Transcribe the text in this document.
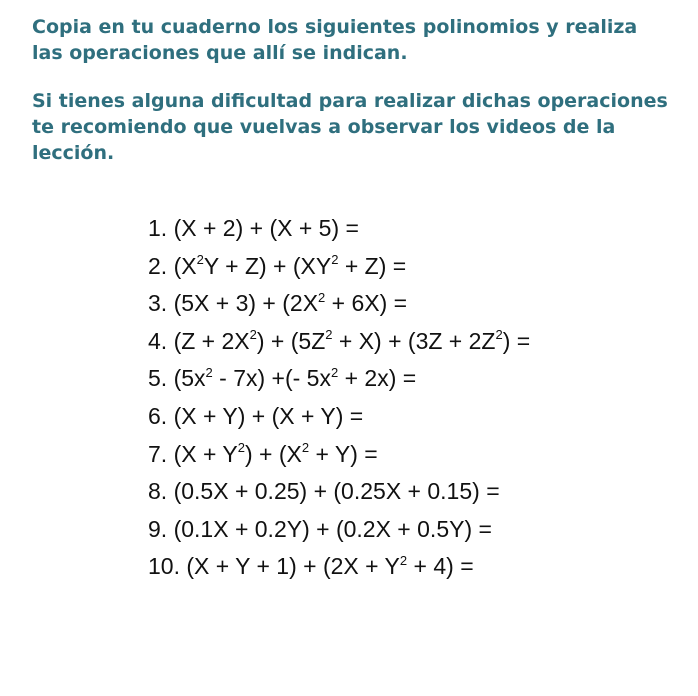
Copia en tu cuaderno los siguientes polinomios y realiza las operaciones que allí se indican.

Si tienes alguna dificultad para realizar dichas operaciones te recomiendo que vuelvas a observar los videos de la lección.

1. (X + 2) + (X + 5) =
2. $(X^2Y + Z) + (XY^2 + Z)$ =
3. $(5X + 3) + (2X^2 + 6X)$ =
4. $(Z + 2X^2) + (5Z^2 + X) + (3Z + 2Z^2)$ =
5. $(5x^2 - 7x)$ +(- $5x^2 + 2x$) =
6. (X + Y) + (X + Y) =
7. $(X + Y^2) + (X^2 + Y)$ =
8. (0.5X + 0.25) + (0.25X + 0.15) =
9. (0.1X + 0.2Y) + (0.2X + 0.5Y) =
10. $(X + Y + 1) + (2X + Y^2 + 4)$ =
